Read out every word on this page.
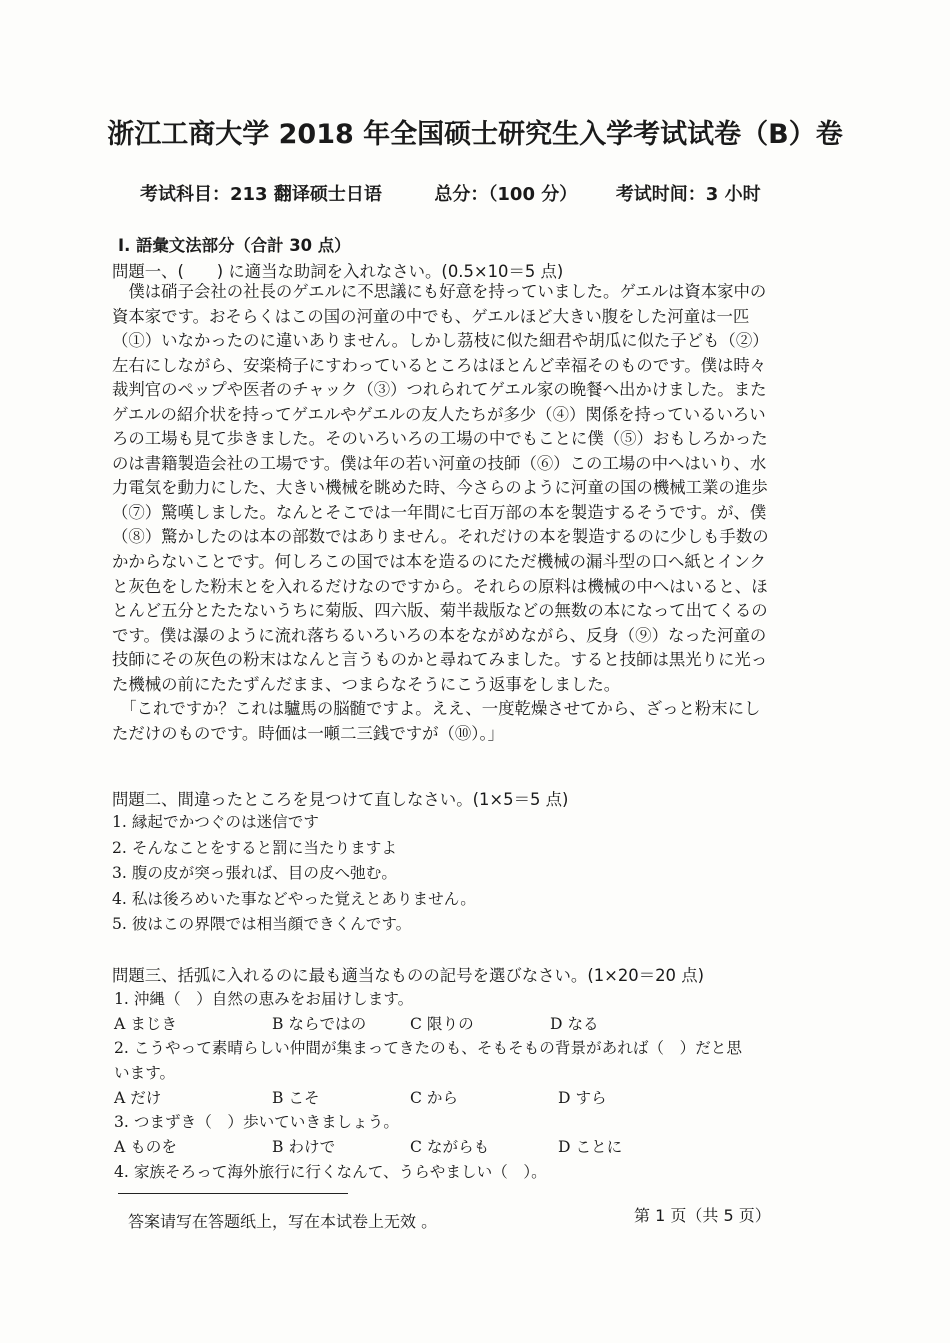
浙江工商大学 2018 年全国硕士研究生入学考试试卷（B）卷
考试科目：213 翻译硕士日语	总分：（100 分） 考试时间：3 小时
Ⅰ. 語彙文法部分（合計 30 点）
問題一、(　　) に適当な助詞を入れなさい。(0.5×10＝5 点)
　僕は硝子会社の社長のゲエルに不思議にも好意を持っていました。ゲエルは資本家中の
資本家です。おそらくはこの国の河童の中でも、ゲエルほど大きい腹をした河童は一匹
（①）いなかったのに違いありません。しかし茘枝に似た細君や胡瓜に似た子ども（②）
左右にしながら、安楽椅子にすわっているところはほとんど幸福そのものです。僕は時々
裁判官のペップや医者のチャック（③）つれられてゲエル家の晩餐へ出かけました。また
ゲエルの紹介状を持ってゲエルやゲエルの友人たちが多少（④）関係を持っているいろい
ろの工場も見て歩きました。そのいろいろの工場の中でもことに僕（⑤）おもしろかった
のは書籍製造会社の工場です。僕は年の若い河童の技師（⑥）この工場の中へはいり、水
力電気を動力にした、大きい機械を眺めた時、今さらのように河童の国の機械工業の進歩
（⑦）驚嘆しました。なんとそこでは一年間に七百万部の本を製造するそうです。が、僕
（⑧）驚かしたのは本の部数ではありません。それだけの本を製造するのに少しも手数の
かからないことです。何しろこの国では本を造るのにただ機械の漏斗型の口へ紙とインク
と灰色をした粉末とを入れるだけなのですから。それらの原料は機械の中へはいると、ほ
とんど五分とたたないうちに菊版、四六版、菊半裁版などの無数の本になって出てくるの
です。僕は瀑のように流れ落ちるいろいろの本をながめながら、反身（⑨）なった河童の
技師にその灰色の粉末はなんと言うものかと尋ねてみました。すると技師は黒光りに光っ
た機械の前にたたずんだまま、つまらなそうにこう返事をしました。
　「これですか？これは驢馬の脳髄ですよ。ええ、一度乾燥させてから、ざっと粉末にし
ただけのものです。時価は一噸二三銭ですが（⑩）。」
問題二、間違ったところを見つけて直しなさい。(1×5＝5 点)
1. 縁起でかつぐのは迷信です
2. そんなことをすると罰に当たりますよ
3. 腹の皮が突っ張れば、目の皮へ弛む。
4. 私は後ろめいた事などやった覚えとありません。
5. 彼はこの界隈では相当顔できくんです。
問題三、括弧に入れるのに最も適当なものの記号を選びなさい。(1×20＝20 点)
1. 沖縄（　）自然の恵みをお届けします。
A まじき	B ならではの	C 限りの	D なる
2. こうやって素晴らしい仲間が集まってきたのも、そもそもの背景があれば（　）だと思
います。
A だけ	B こそ	C から	D すら
3. つまずき（　）歩いていきましょう。
A ものを	B わけで	C ながらも	D ことに
4. 家族そろって海外旅行に行くなんて、うらやましい（　）。
答案请写在答题纸上，写在本试卷上无效 。	第 1 页（共 5 页）
